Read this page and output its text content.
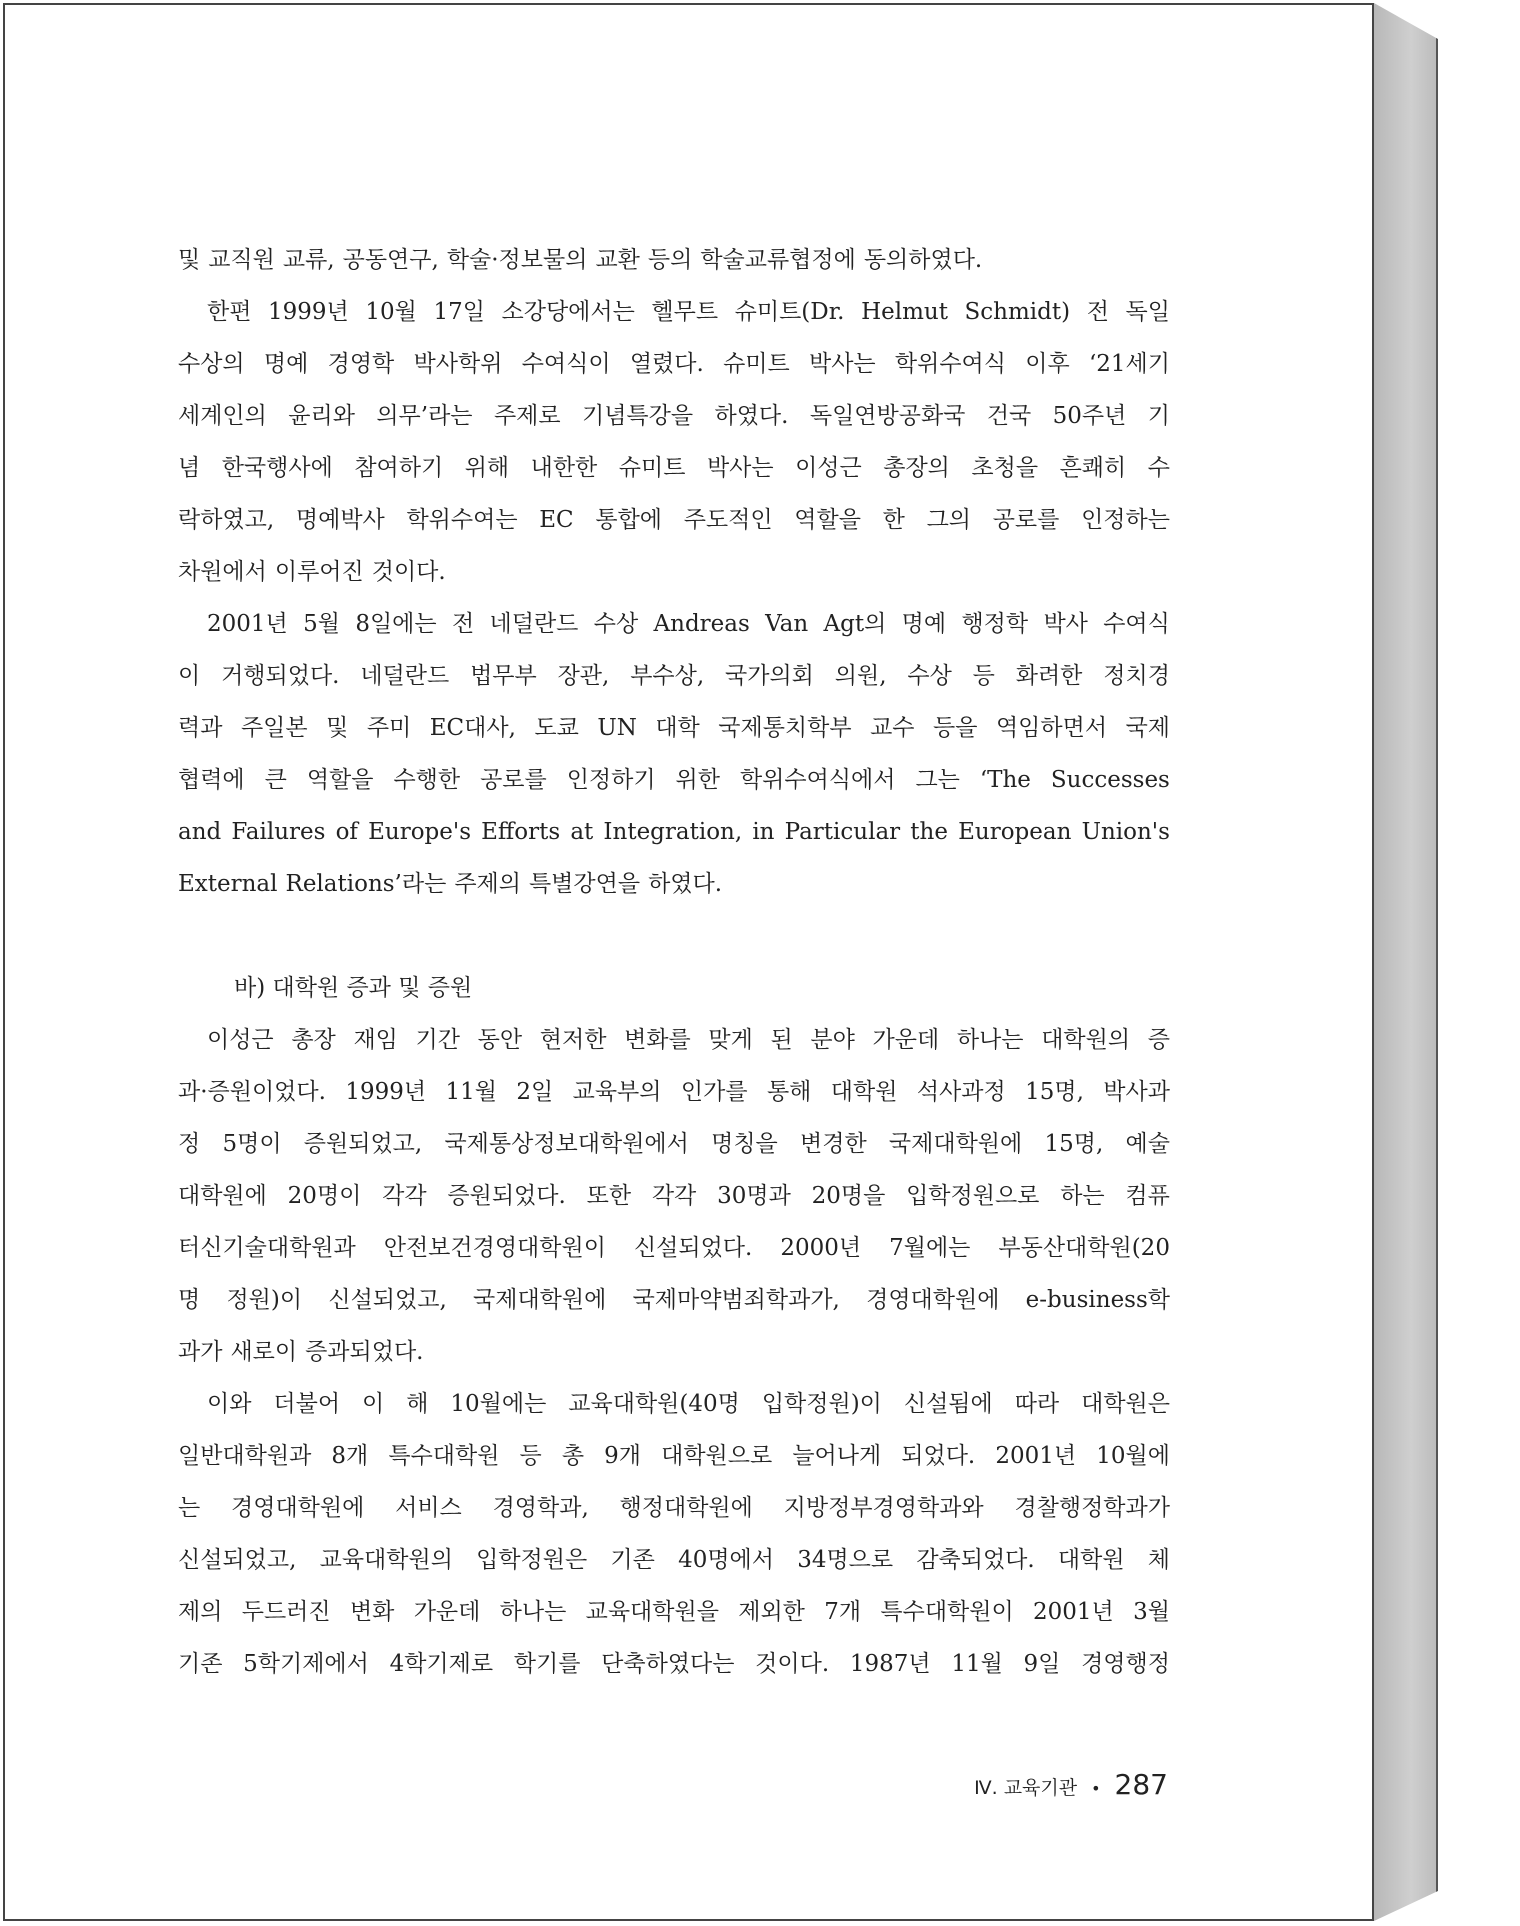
및 교직원 교류, 공동연구, 학술·정보물의 교환 등의 학술교류협정에 동의하였다.
한편 1999년 10월 17일 소강당에서는 헬무트 슈미트(Dr. Helmut Schmidt) 전 독일
수상의 명예 경영학 박사학위 수여식이 열렸다. 슈미트 박사는 학위수여식 이후 ‘21세기
세계인의 윤리와 의무’라는 주제로 기념특강을 하였다. 독일연방공화국 건국 50주년 기
념 한국행사에 참여하기 위해 내한한 슈미트 박사는 이성근 총장의 초청을 흔쾌히 수
락하였고, 명예박사 학위수여는 EC 통합에 주도적인 역할을 한 그의 공로를 인정하는
차원에서 이루어진 것이다.
2001년 5월 8일에는 전 네덜란드 수상 Andreas Van Agt의 명예 행정학 박사 수여식
이 거행되었다. 네덜란드 법무부 장관, 부수상, 국가의회 의원, 수상 등 화려한 정치경
력과 주일본 및 주미 EC대사, 도쿄 UN 대학 국제통치학부 교수 등을 역임하면서 국제
협력에 큰 역할을 수행한 공로를 인정하기 위한 학위수여식에서 그는 ‘The Successes
and Failures of Europe's Efforts at Integration, in Particular the European Union's
External Relations’라는 주제의 특별강연을 하였다.
바) 대학원 증과 및 증원
이성근 총장 재임 기간 동안 현저한 변화를 맞게 된 분야 가운데 하나는 대학원의 증
과·증원이었다. 1999년 11월 2일 교육부의 인가를 통해 대학원 석사과정 15명, 박사과
정 5명이 증원되었고, 국제통상정보대학원에서 명칭을 변경한 국제대학원에 15명, 예술
대학원에 20명이 각각 증원되었다. 또한 각각 30명과 20명을 입학정원으로 하는 컴퓨
터신기술대학원과 안전보건경영대학원이 신설되었다. 2000년 7월에는 부동산대학원(20
명 정원)이 신설되었고, 국제대학원에 국제마약범죄학과가, 경영대학원에 e-business학
과가 새로이 증과되었다.
이와 더불어 이 해 10월에는 교육대학원(40명 입학정원)이 신설됨에 따라 대학원은
일반대학원과 8개 특수대학원 등 총 9개 대학원으로 늘어나게 되었다. 2001년 10월에
는 경영대학원에 서비스 경영학과, 행정대학원에 지방정부경영학과와 경찰행정학과가
신설되었고, 교육대학원의 입학정원은 기존 40명에서 34명으로 감축되었다. 대학원 체
제의 두드러진 변화 가운데 하나는 교육대학원을 제외한 7개 특수대학원이 2001년 3월
기존 5학기제에서 4학기제로 학기를 단축하였다는 것이다. 1987년 11월 9일 경영행정
Ⅳ. 교육기관 • 287
